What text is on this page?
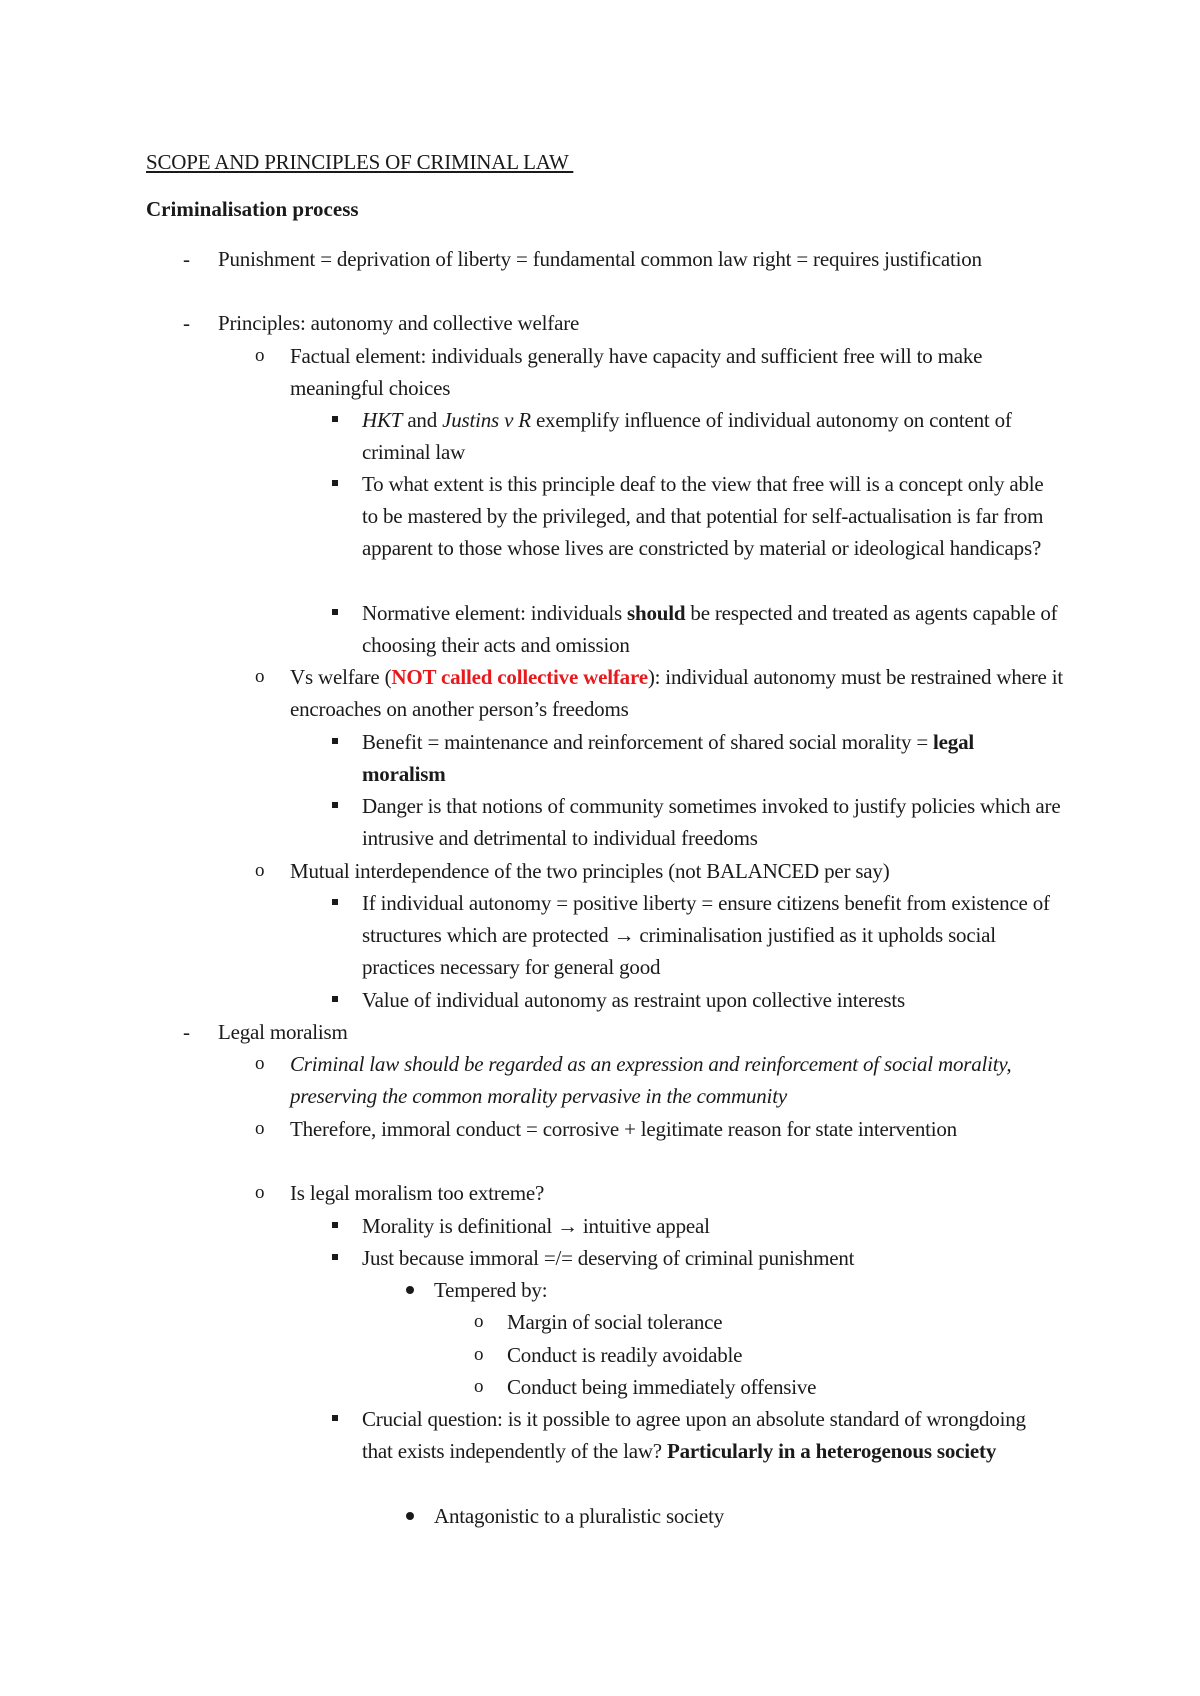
SCOPE AND PRINCIPLES OF CRIMINAL LAW
Criminalisation process
- Punishment = deprivation of liberty = fundamental common law right = requires justification
- Principles: autonomy and collective welfare
o Factual element: individuals generally have capacity and sufficient free will to make meaningful choices
HKT and Justins v R exemplify influence of individual autonomy on content of criminal law
To what extent is this principle deaf to the view that free will is a concept only able to be mastered by the privileged, and that potential for self-actualisation is far from apparent to those whose lives are constricted by material or ideological handicaps?
Normative element: individuals should be respected and treated as agents capable of choosing their acts and omission
o Vs welfare (NOT called collective welfare): individual autonomy must be restrained where it encroaches on another person’s freedoms
Benefit = maintenance and reinforcement of shared social morality = legal moralism
Danger is that notions of community sometimes invoked to justify policies which are intrusive and detrimental to individual freedoms
o Mutual interdependence of the two principles (not BALANCED per say)
If individual autonomy = positive liberty = ensure citizens benefit from existence of structures which are protected → criminalisation justified as it upholds social practices necessary for general good
Value of individual autonomy as restraint upon collective interests
- Legal moralism
o Criminal law should be regarded as an expression and reinforcement of social morality, preserving the common morality pervasive in the community
o Therefore, immoral conduct = corrosive + legitimate reason for state intervention
o Is legal moralism too extreme?
Morality is definitional → intuitive appeal
Just because immoral =/= deserving of criminal punishment
Tempered by:
o Margin of social tolerance
o Conduct is readily avoidable
o Conduct being immediately offensive
Crucial question: is it possible to agree upon an absolute standard of wrongdoing that exists independently of the law? Particularly in a heterogenous society
Antagonistic to a pluralistic society
